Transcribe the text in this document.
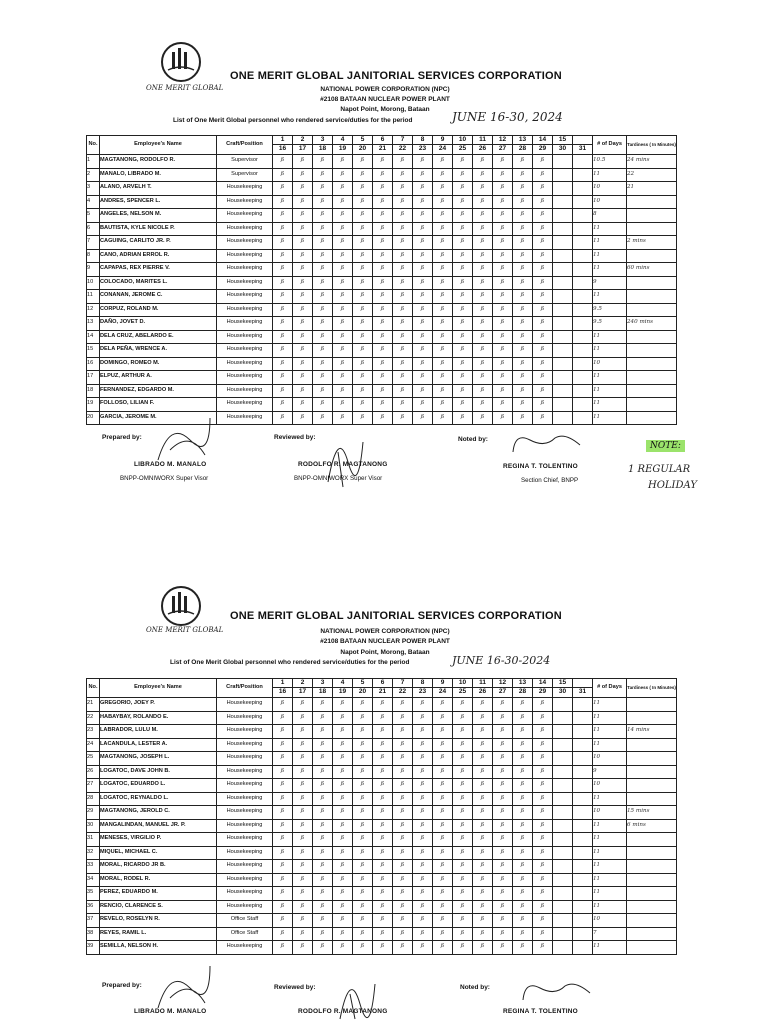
ONE MERIT GLOBAL
ONE MERIT GLOBAL JANITORIAL SERVICES CORPORATION
NATIONAL POWER CORPORATION (NPC)
#2108 BATAAN NUCLEAR POWER PLANT
Napot Point, Morong, Bataan
List of One Merit Global personnel who rendered service/duties for the period	JUNE 16-30, 2024
No.	Employee's Name	Craft/Position	1	2	3	4	5	6	7	8	9	10	11	12	13	14	15		# of Days	Tardiness ( In Minutes)
			16	17	18	19	20	21	22	23	24	25	26	27	28	29	30	31		
1	MAGTANONG, RODOLFO R.	Supervisor	ß	ß	ß	ß	ß	ß	ß	ß	ß	ß	ß	ß	ß	ß			10.5	24 mins
2	MANALO, LIBRADO M.	Supervisor	ß	ß	ß	ß	ß	ß	ß	ß	ß	ß	ß	ß	ß	ß			11	22
3	ALANO, ARVELH T.	Housekeeping	ß	ß	ß	ß	ß	ß	ß	ß	ß	ß	ß	ß	ß	ß			10	21
4	ANDRES, SPENCER L.	Housekeeping	ß	ß	ß	ß	ß	ß	ß	ß	ß	ß	ß	ß	ß	ß			10	
5	ANGELES, NELSON M.	Housekeeping	ß	ß	ß	ß	ß	ß	ß	ß	ß	ß	ß	ß	ß	ß			8	
6	BAUTISTA, KYLE NICOLE P.	Housekeeping	ß	ß	ß	ß	ß	ß	ß	ß	ß	ß	ß	ß	ß	ß			11	
7	CAGUING, CARLITO JR. P.	Housekeeping	ß	ß	ß	ß	ß	ß	ß	ß	ß	ß	ß	ß	ß	ß			11	2 mins
8	CANO, ADRIAN ERROL R.	Housekeeping	ß	ß	ß	ß	ß	ß	ß	ß	ß	ß	ß	ß	ß	ß			11	
9	CAPAPAS, REX PIERRE V.	Housekeeping	ß	ß	ß	ß	ß	ß	ß	ß	ß	ß	ß	ß	ß	ß			11	60 mins
10	COLOCADO, MARITES L.	Housekeeping	ß	ß	ß	ß	ß	ß	ß	ß	ß	ß	ß	ß	ß	ß			9	
11	CONANAN, JEROME C.	Housekeeping	ß	ß	ß	ß	ß	ß	ß	ß	ß	ß	ß	ß	ß	ß			11	
12	CORPUZ, ROLAND M.	Housekeeping	ß	ß	ß	ß	ß	ß	ß	ß	ß	ß	ß	ß	ß	ß			9.5	
13	DAÑO, JOVET D.	Housekeeping	ß	ß	ß	ß	ß	ß	ß	ß	ß	ß	ß	ß	ß	ß			9.5	240 mins
14	DELA CRUZ, ABELARDO E.	Housekeeping	ß	ß	ß	ß	ß	ß	ß	ß	ß	ß	ß	ß	ß	ß			11	
15	DELA PEÑA, WRENCE A.	Housekeeping	ß	ß	ß	ß	ß	ß	ß	ß	ß	ß	ß	ß	ß	ß			11	
16	DOMINGO, ROMEO M.	Housekeeping	ß	ß	ß	ß	ß	ß	ß	ß	ß	ß	ß	ß	ß	ß			10	
17	ELPUZ, ARTHUR A.	Housekeeping	ß	ß	ß	ß	ß	ß	ß	ß	ß	ß	ß	ß	ß	ß			11	
18	FERNANDEZ, EDGARDO M.	Housekeeping	ß	ß	ß	ß	ß	ß	ß	ß	ß	ß	ß	ß	ß	ß			11	
19	FOLLOSO, LILIAN F.	Housekeeping	ß	ß	ß	ß	ß	ß	ß	ß	ß	ß	ß	ß	ß	ß			11	
20	GARCIA, JEROME M.	Housekeeping	ß	ß	ß	ß	ß	ß	ß	ß	ß	ß	ß	ß	ß	ß			11	
Prepared by:	Reviewed by:	Noted by:
LIBRADO M. MANALO
BNPP-OMNIWORX Super Visor
RODOLFO R. MAGTANONG
BNPP-OMNIWORX Super Visor
REGINA T. TOLENTINO
Section Chief, BNPP
NOTE:
1 REGULAR
HOLIDAY
ONE MERIT GLOBAL
ONE MERIT GLOBAL JANITORIAL SERVICES CORPORATION
NATIONAL POWER CORPORATION (NPC)
#2108 BATAAN NUCLEAR POWER PLANT
Napot Point, Morong, Bataan
List of One Merit Global personnel who rendered service/duties for the period	JUNE 16-30-2024
No.	Employee's Name	Craft/Position	1	2	3	4	5	6	7	8	9	10	11	12	13	14	15		# of Days	Tardiness ( In Minutes)
			16	17	18	19	20	21	22	23	24	25	26	27	28	29	30	31		
21	GREGORIO, JOEY P.	Housekeeping	ß	ß	ß	ß	ß	ß	ß	ß	ß	ß	ß	ß	ß	ß			11	
22	HABAYBAY, ROLANDO E.	Housekeeping	ß	ß	ß	ß	ß	ß	ß	ß	ß	ß	ß	ß	ß	ß			11	
23	LABRADOR, LULU M.	Housekeeping	ß	ß	ß	ß	ß	ß	ß	ß	ß	ß	ß	ß	ß	ß			11	14 mins
24	LACANDULA, LESTER A.	Housekeeping	ß	ß	ß	ß	ß	ß	ß	ß	ß	ß	ß	ß	ß	ß			11	
25	MAGTANONG, JOSEPH L.	Housekeeping	ß	ß	ß	ß	ß	ß	ß	ß	ß	ß	ß	ß	ß	ß			10	
26	LOGATOC, DAVE JOHN B.	Housekeeping	ß	ß	ß	ß	ß	ß	ß	ß	ß	ß	ß	ß	ß	ß			9	
27	LOGATOC, EDUARDO L.	Housekeeping	ß	ß	ß	ß	ß	ß	ß	ß	ß	ß	ß	ß	ß	ß			10	
28	LOGATOC, REYNALDO L.	Housekeeping	ß	ß	ß	ß	ß	ß	ß	ß	ß	ß	ß	ß	ß	ß			11	
29	MAGTANONG, JEROLD C.	Housekeeping	ß	ß	ß	ß	ß	ß	ß	ß	ß	ß	ß	ß	ß	ß			10	15 mins
30	MANGALINDAN, MANUEL JR. P.	Housekeeping	ß	ß	ß	ß	ß	ß	ß	ß	ß	ß	ß	ß	ß	ß			11	6 mins
31	MENESES, VIRGILIO P.	Housekeeping	ß	ß	ß	ß	ß	ß	ß	ß	ß	ß	ß	ß	ß	ß			11	
32	MIQUEL, MICHAEL C.	Housekeeping	ß	ß	ß	ß	ß	ß	ß	ß	ß	ß	ß	ß	ß	ß			11	
33	MORAL, RICARDO JR B.	Housekeeping	ß	ß	ß	ß	ß	ß	ß	ß	ß	ß	ß	ß	ß	ß			11	
34	MORAL, RODEL R.	Housekeeping	ß	ß	ß	ß	ß	ß	ß	ß	ß	ß	ß	ß	ß	ß			11	
35	PEREZ, EDUARDO M.	Housekeeping	ß	ß	ß	ß	ß	ß	ß	ß	ß	ß	ß	ß	ß	ß			11	
36	RENCIO, CLARENCE S.	Housekeeping	ß	ß	ß	ß	ß	ß	ß	ß	ß	ß	ß	ß	ß	ß			11	
37	REVELO, ROSELYN R.	Office Staff	ß	ß	ß	ß	ß	ß	ß	ß	ß	ß	ß	ß	ß	ß			10	
38	REYES, RAMIL L.	Office Staff	ß	ß	ß	ß	ß	ß	ß	ß	ß	ß	ß	ß	ß	ß			7	
39	SEMILLA, NELSON H.	Housekeeping	ß	ß	ß	ß	ß	ß	ß	ß	ß	ß	ß	ß	ß	ß			11	
Prepared by:	Reviewed by:	Noted by:
LIBRADO M. MANALO	RODOLFO R. MAGTANONG	REGINA T. TOLENTINO
